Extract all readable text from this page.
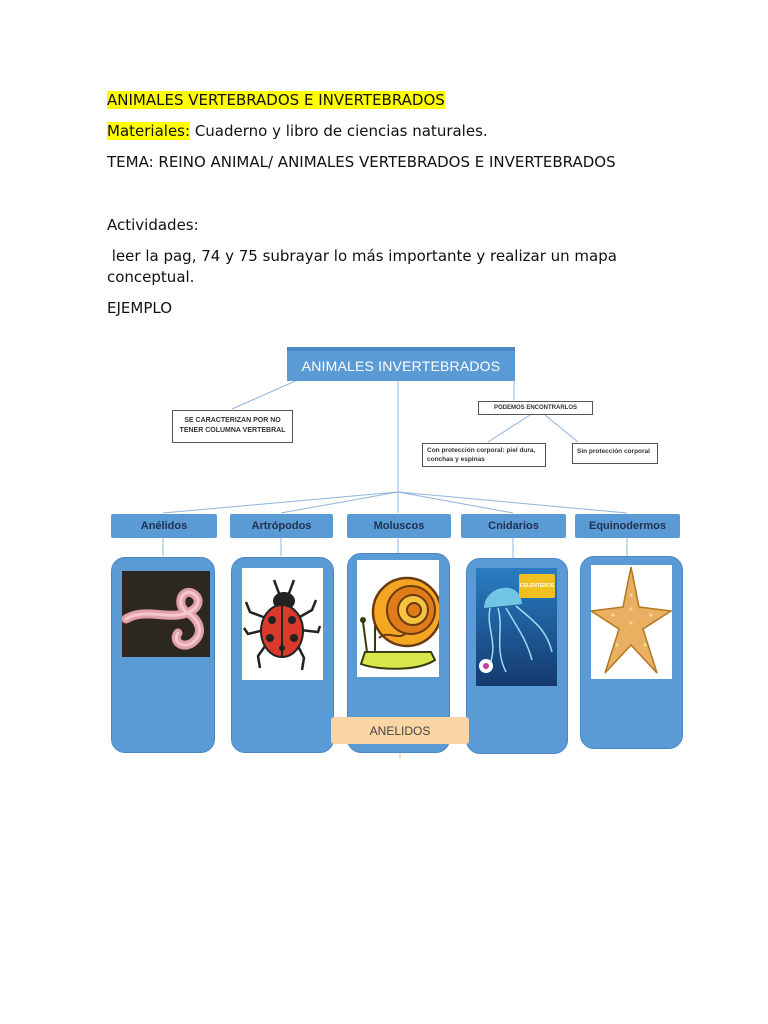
ANIMALES VERTEBRADOS E INVERTEBRADOS

Materiales: Cuaderno y libro de ciencias naturales.

TEMA: REINO ANIMAL/ ANIMALES VERTEBRADOS E INVERTEBRADOS

Actividades:

leer la pag, 74 y 75 subrayar lo más importante y realizar un mapa

conceptual.

EJEMPLO

ANIMALES INVERTEBRADOS
SE CARACTERIZAN POR NO
TENER COLUMNA VERTEBRAL
PODEMOS ENCONTRARLOS
Con protección corporal: piel dura,
conchas y espinas
Sin protección corporal
Anélidos	Artrópodos	Moluscos	Cnidarios	Equinodermos
CELENTEROS
ANELIDOS
